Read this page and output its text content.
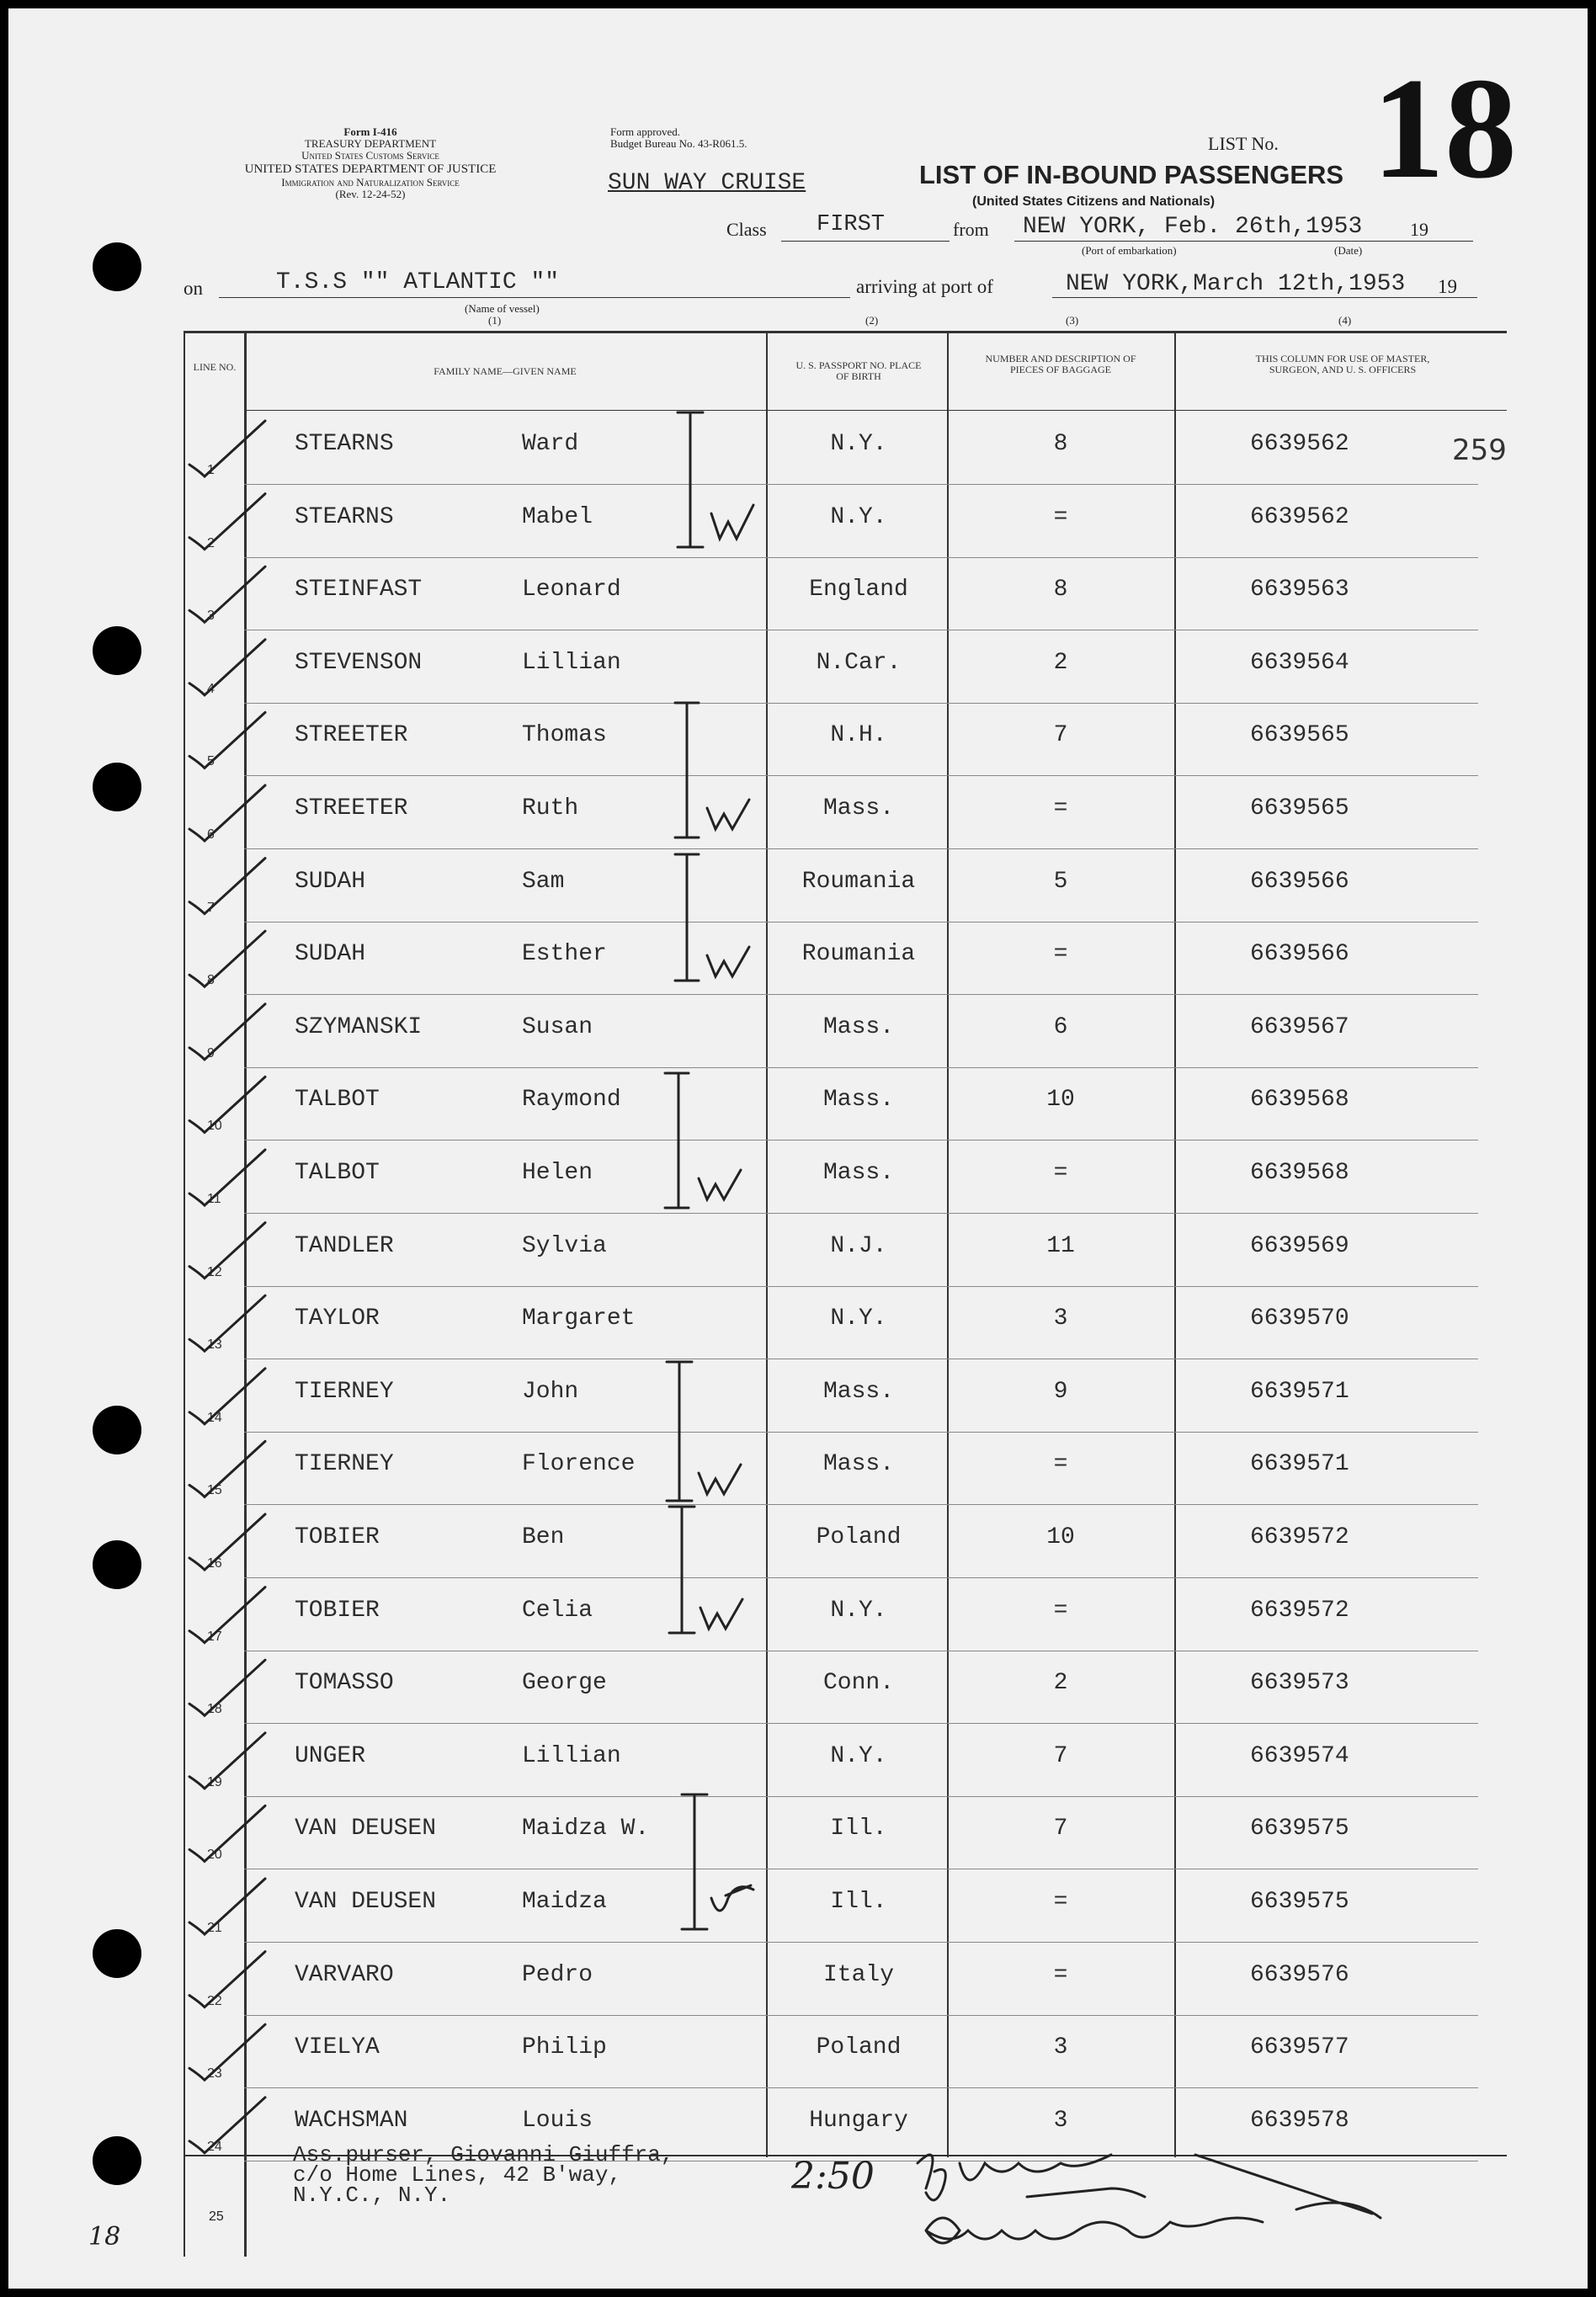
Form I-416
TREASURY DEPARTMENT
United States Customs Service
UNITED STATES DEPARTMENT OF JUSTICE
Immigration and Naturalization Service
(Rev. 12-24-52)
Form approved.
Budget Bureau No. 43-R061.5.
SUN WAY CRUISE	LIST OF IN-BOUND PASSENGERS
(United States Citizens and Nationals)
LIST No. 18
Class FIRST	from NEW YORK, Feb. 26th,1953	19
(Port of embarkation)	(Date)
on	T.S.S "" ATLANTIC ""
(Name of vessel)
(1)
arriving at port of	NEW YORK,March 12th,1953 19
(2)	(3)	(4)
LINE NO.	FAMILY NAME—GIVEN NAME	U. S. PASSPORT NO. PLACE OF BIRTH
NUMBER AND DESCRIPTION OF PIECES OF BAGGAGE
THIS COLUMN FOR USE OF MASTER, SURGEON, AND U. S. OFFICERS
259
1
STEARNS	Ward	N.Y.	8	6639562
2
STEARNS	Mabel	N.Y.	=	6639562
3
STEINFAST	Leonard	England	8	6639563
4
STEVENSON	Lillian	N.Car.	2	6639564
5
STREETER	Thomas	N.H.	7	6639565
6
STREETER	Ruth	Mass.	=	6639565
7
SUDAH	Sam	Roumania	5	6639566
8
SUDAH	Esther	Roumania	=	6639566
9
SZYMANSKI	Susan	Mass.	6	6639567
10
TALBOT	Raymond	Mass.	10	6639568
11
TALBOT	Helen	Mass.	=	6639568
12
TANDLER	Sylvia	N.J.	11	6639569
13
TAYLOR	Margaret	N.Y.	3	6639570
14
TIERNEY	John	Mass.	9	6639571
15
TIERNEY	Florence	Mass.	=	6639571
16
TOBIER	Ben	Poland	10	6639572
17
TOBIER	Celia	N.Y.	=	6639572
18
TOMASSO	George	Conn.	2	6639573
19
UNGER	Lillian	N.Y.	7	6639574
20
VAN DEUSEN	Maidza W.	Ill.	7	6639575
21
VAN DEUSEN	Maidza	Ill.	=	6639575
22
VARVARO	Pedro	Italy	=	6639576
23
VIELYA	Philip	Poland	3	6639577
24
WACHSMAN	Louis	Hungary	3	6639578
Ass.purser, Giovanni Giuffra,
c/o Home Lines, 42 B'way,
N.Y.C., N.Y.
25
2:50
18
